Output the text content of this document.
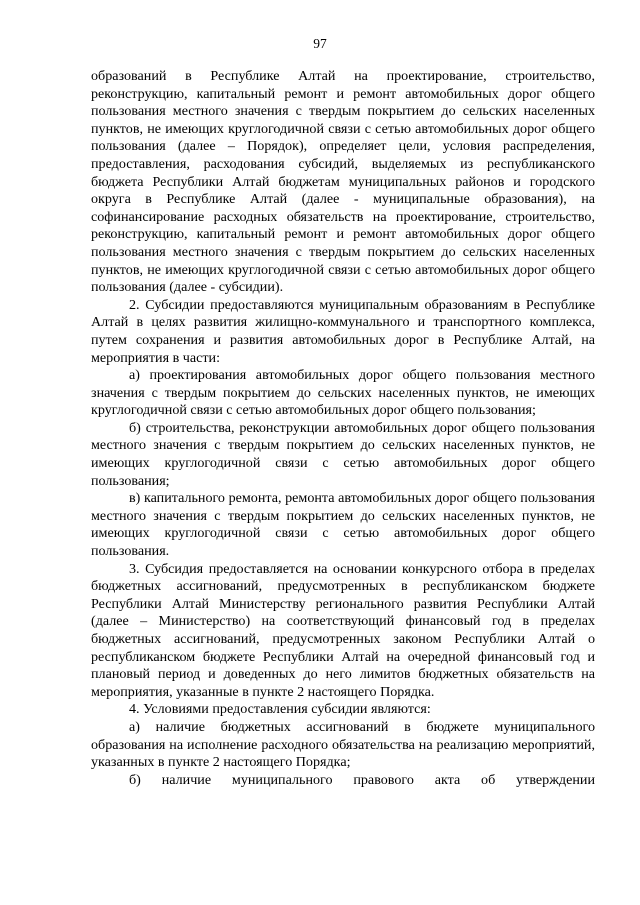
97

образований в Республике Алтай на проектирование, строительство, реконструкцию, капитальный ремонт и ремонт автомобильных дорог общего пользования местного значения с твердым покрытием до сельских населенных пунктов, не имеющих круглогодичной связи с сетью автомобильных дорог общего пользования (далее – Порядок), определяет цели, условия распределения, предоставления, расходования субсидий, выделяемых из республиканского бюджета Республики Алтай бюджетам муниципальных районов и городского округа в Республике Алтай (далее - муниципальные образования), на софинансирование расходных обязательств на проектирование, строительство, реконструкцию, капитальный ремонт и ремонт автомобильных дорог общего пользования местного значения с твердым покрытием до сельских населенных пунктов, не имеющих круглогодичной связи с сетью автомобильных дорог общего пользования (далее - субсидии).

2. Субсидии предоставляются муниципальным образованиям в Республике Алтай в целях развития жилищно-коммунального и транспортного комплекса, путем сохранения и развития автомобильных дорог в Республике Алтай, на мероприятия в части:

а) проектирования автомобильных дорог общего пользования местного значения с твердым покрытием до сельских населенных пунктов, не имеющих круглогодичной связи с сетью автомобильных дорог общего пользования;

б) строительства, реконструкции автомобильных дорог общего пользования местного значения с твердым покрытием до сельских населенных пунктов, не имеющих круглогодичной связи с сетью автомобильных дорог общего пользования;

в) капитального ремонта, ремонта автомобильных дорог общего пользования местного значения с твердым покрытием до сельских населенных пунктов, не имеющих круглогодичной связи с сетью автомобильных дорог общего пользования.

3. Субсидия предоставляется на основании конкурсного отбора в пределах бюджетных ассигнований, предусмотренных в республиканском бюджете Республики Алтай Министерству регионального развития Республики Алтай (далее – Министерство) на соответствующий финансовый год в пределах бюджетных ассигнований, предусмотренных законом Республики Алтай о республиканском бюджете Республики Алтай на очередной финансовый год и плановый период и доведенных до него лимитов бюджетных обязательств на мероприятия, указанные в пункте 2 настоящего Порядка.

4. Условиями предоставления субсидии являются:

а) наличие бюджетных ассигнований в бюджете муниципального образования на исполнение расходного обязательства на реализацию мероприятий, указанных в пункте 2 настоящего Порядка;

б) наличие муниципального правового акта об утверждении
